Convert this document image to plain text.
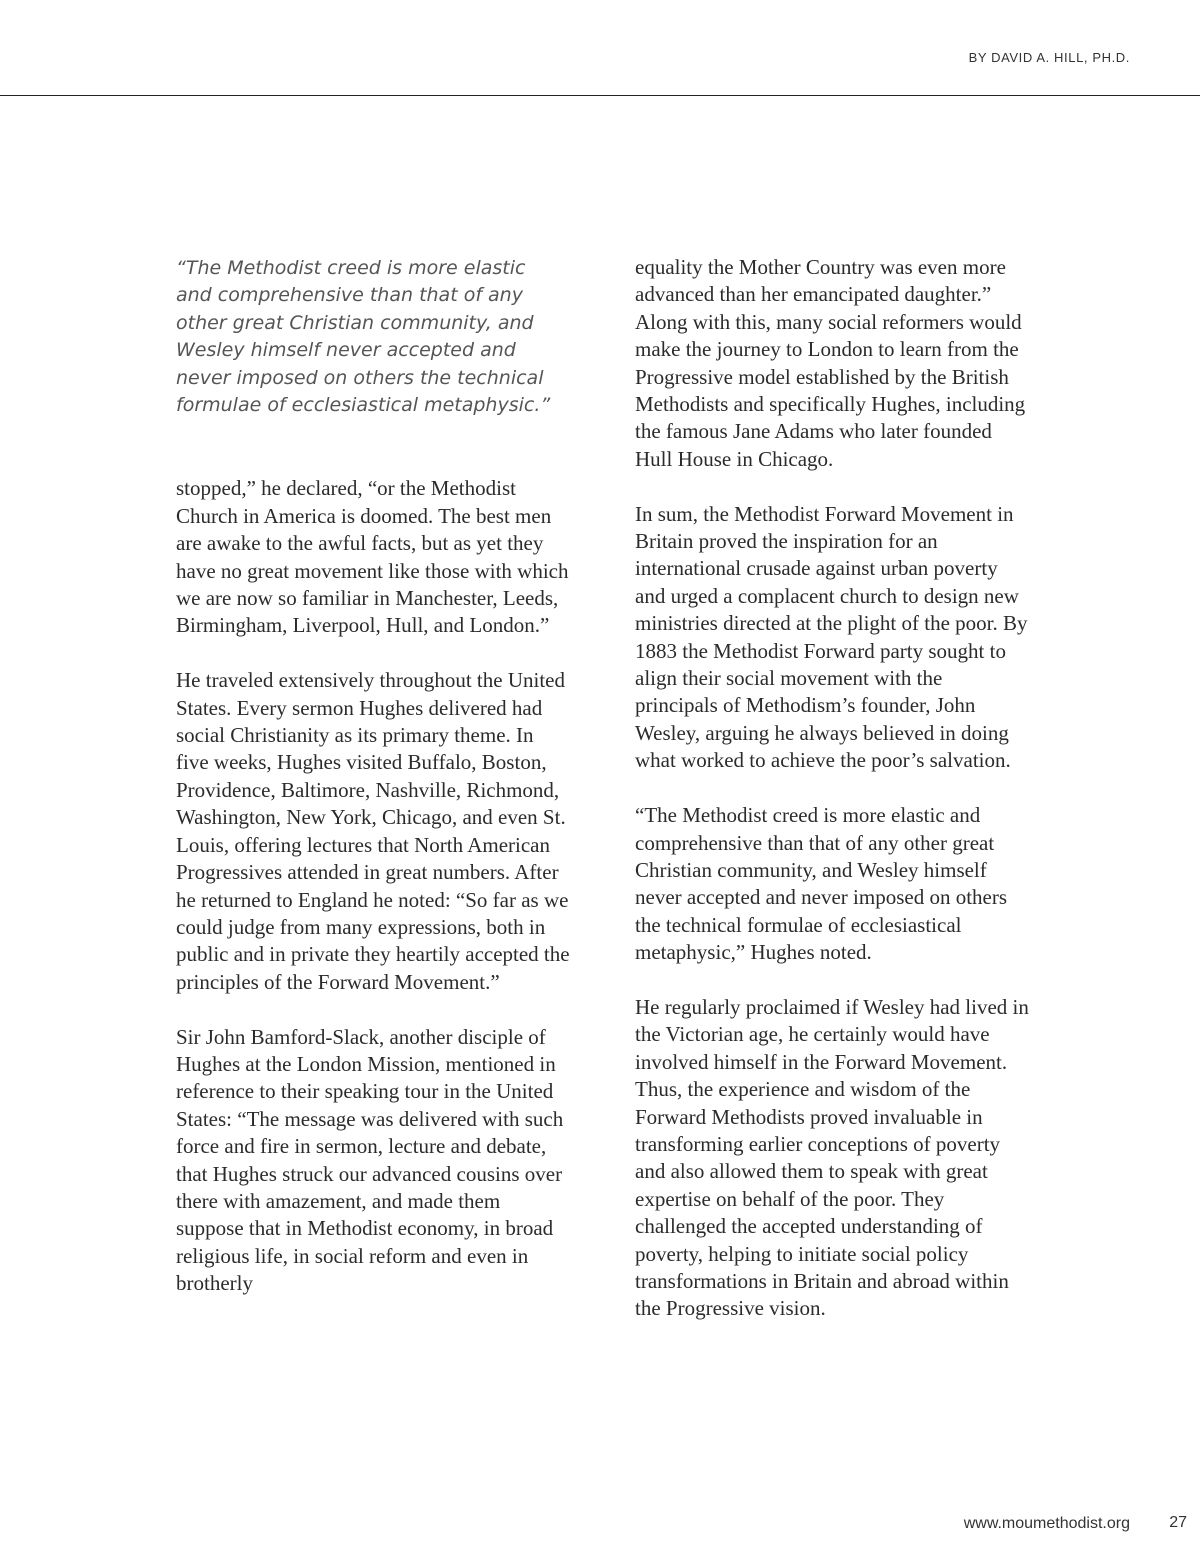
BY DAVID A. HILL, PH.D.

“The Methodist creed is more elastic and comprehensive than that of any other great Christian community, and Wesley himself never accepted and never imposed on others the technical formulae of ecclesiastical metaphysic.”

stopped,” he declared, “or the Methodist Church in America is doomed. The best men are awake to the awful facts, but as yet they have no great movement like those with which we are now so familiar in Manchester, Leeds, Birmingham, Liverpool, Hull, and London.”

He traveled extensively throughout the United States. Every sermon Hughes delivered had social Christianity as its primary theme. In five weeks, Hughes visited Buffalo, Boston, Providence, Baltimore, Nashville, Richmond, Washington, New York, Chicago, and even St. Louis, offering lectures that North American Progressives attended in great numbers. After he returned to England he noted: “So far as we could judge from many expressions, both in public and in private they heartily accepted the principles of the Forward Movement.”

Sir John Bamford-Slack, another disciple of Hughes at the London Mission, mentioned in reference to their speaking tour in the United States: “The message was delivered with such force and fire in sermon, lecture and debate, that Hughes struck our advanced cousins over there with amazement, and made them suppose that in Methodist economy, in broad religious life, in social reform and even in brotherly

equality the Mother Country was even more advanced than her emancipated daughter.” Along with this, many social reformers would make the journey to London to learn from the Progressive model established by the British Methodists and specifically Hughes, including the famous Jane Adams who later founded Hull House in Chicago.

In sum, the Methodist Forward Movement in Britain proved the inspiration for an international crusade against urban poverty and urged a complacent church to design new ministries directed at the plight of the poor. By 1883 the Methodist Forward party sought to align their social movement with the principals of Methodism’s founder, John Wesley, arguing he always believed in doing what worked to achieve the poor’s salvation.

“The Methodist creed is more elastic and comprehensive than that of any other great Christian community, and Wesley himself never accepted and never imposed on others the technical formulae of ecclesiastical metaphysic,” Hughes noted.

He regularly proclaimed if Wesley had lived in the Victorian age, he certainly would have involved himself in the Forward Movement. Thus, the experience and wisdom of the Forward Methodists proved invaluable in transforming earlier conceptions of poverty and also allowed them to speak with great expertise on behalf of the poor. They challenged the accepted understanding of poverty, helping to initiate social policy transformations in Britain and abroad within the Progressive vision.

www.moumethodist.org 27
